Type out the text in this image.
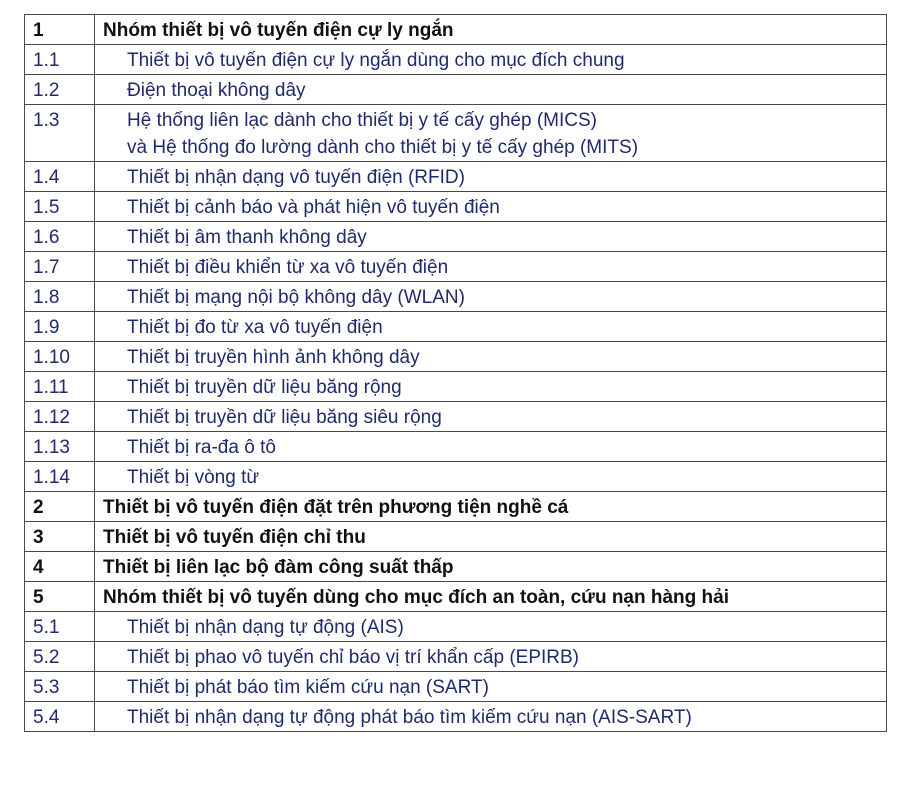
1	Nhóm thiết bị vô tuyến điện cự ly ngắn

1.1	Thiết bị vô tuyến điện cự ly ngắn dùng cho mục đích chung

1.2	Điện thoại không dây

1.3	Hệ thống liên lạc dành cho thiết bị y tế cấy ghép (MICS)
và Hệ thống đo lường dành cho thiết bị y tế cấy ghép (MITS)

1.4	Thiết bị nhận dạng vô tuyến điện (RFID)

1.5	Thiết bị cảnh báo và phát hiện vô tuyến điện

1.6	Thiết bị âm thanh không dây

1.7	Thiết bị điều khiển từ xa vô tuyến điện

1.8	Thiết bị mạng nội bộ không dây (WLAN)

1.9	Thiết bị đo từ xa vô tuyến điện

1.10	Thiết bị truyền hình ảnh không dây

1.11	Thiết bị truyền dữ liệu băng rộng

1.12	Thiết bị truyền dữ liệu băng siêu rộng

1.13	Thiết bị ra-đa ô tô

1.14	Thiết bị vòng từ

2	Thiết bị vô tuyến điện đặt trên phương tiện nghề cá

3	Thiết bị vô tuyến điện chỉ thu

4	Thiết bị liên lạc bộ đàm công suất thấp

5	Nhóm thiết bị vô tuyến dùng cho mục đích an toàn, cứu nạn hàng hải

5.1	Thiết bị nhận dạng tự động (AIS)

5.2	Thiết bị phao vô tuyến chỉ báo vị trí khẩn cấp (EPIRB)

5.3	Thiết bị phát báo tìm kiếm cứu nạn (SART)

5.4	Thiết bị nhận dạng tự động phát báo tìm kiếm cứu nạn (AIS-SART)
